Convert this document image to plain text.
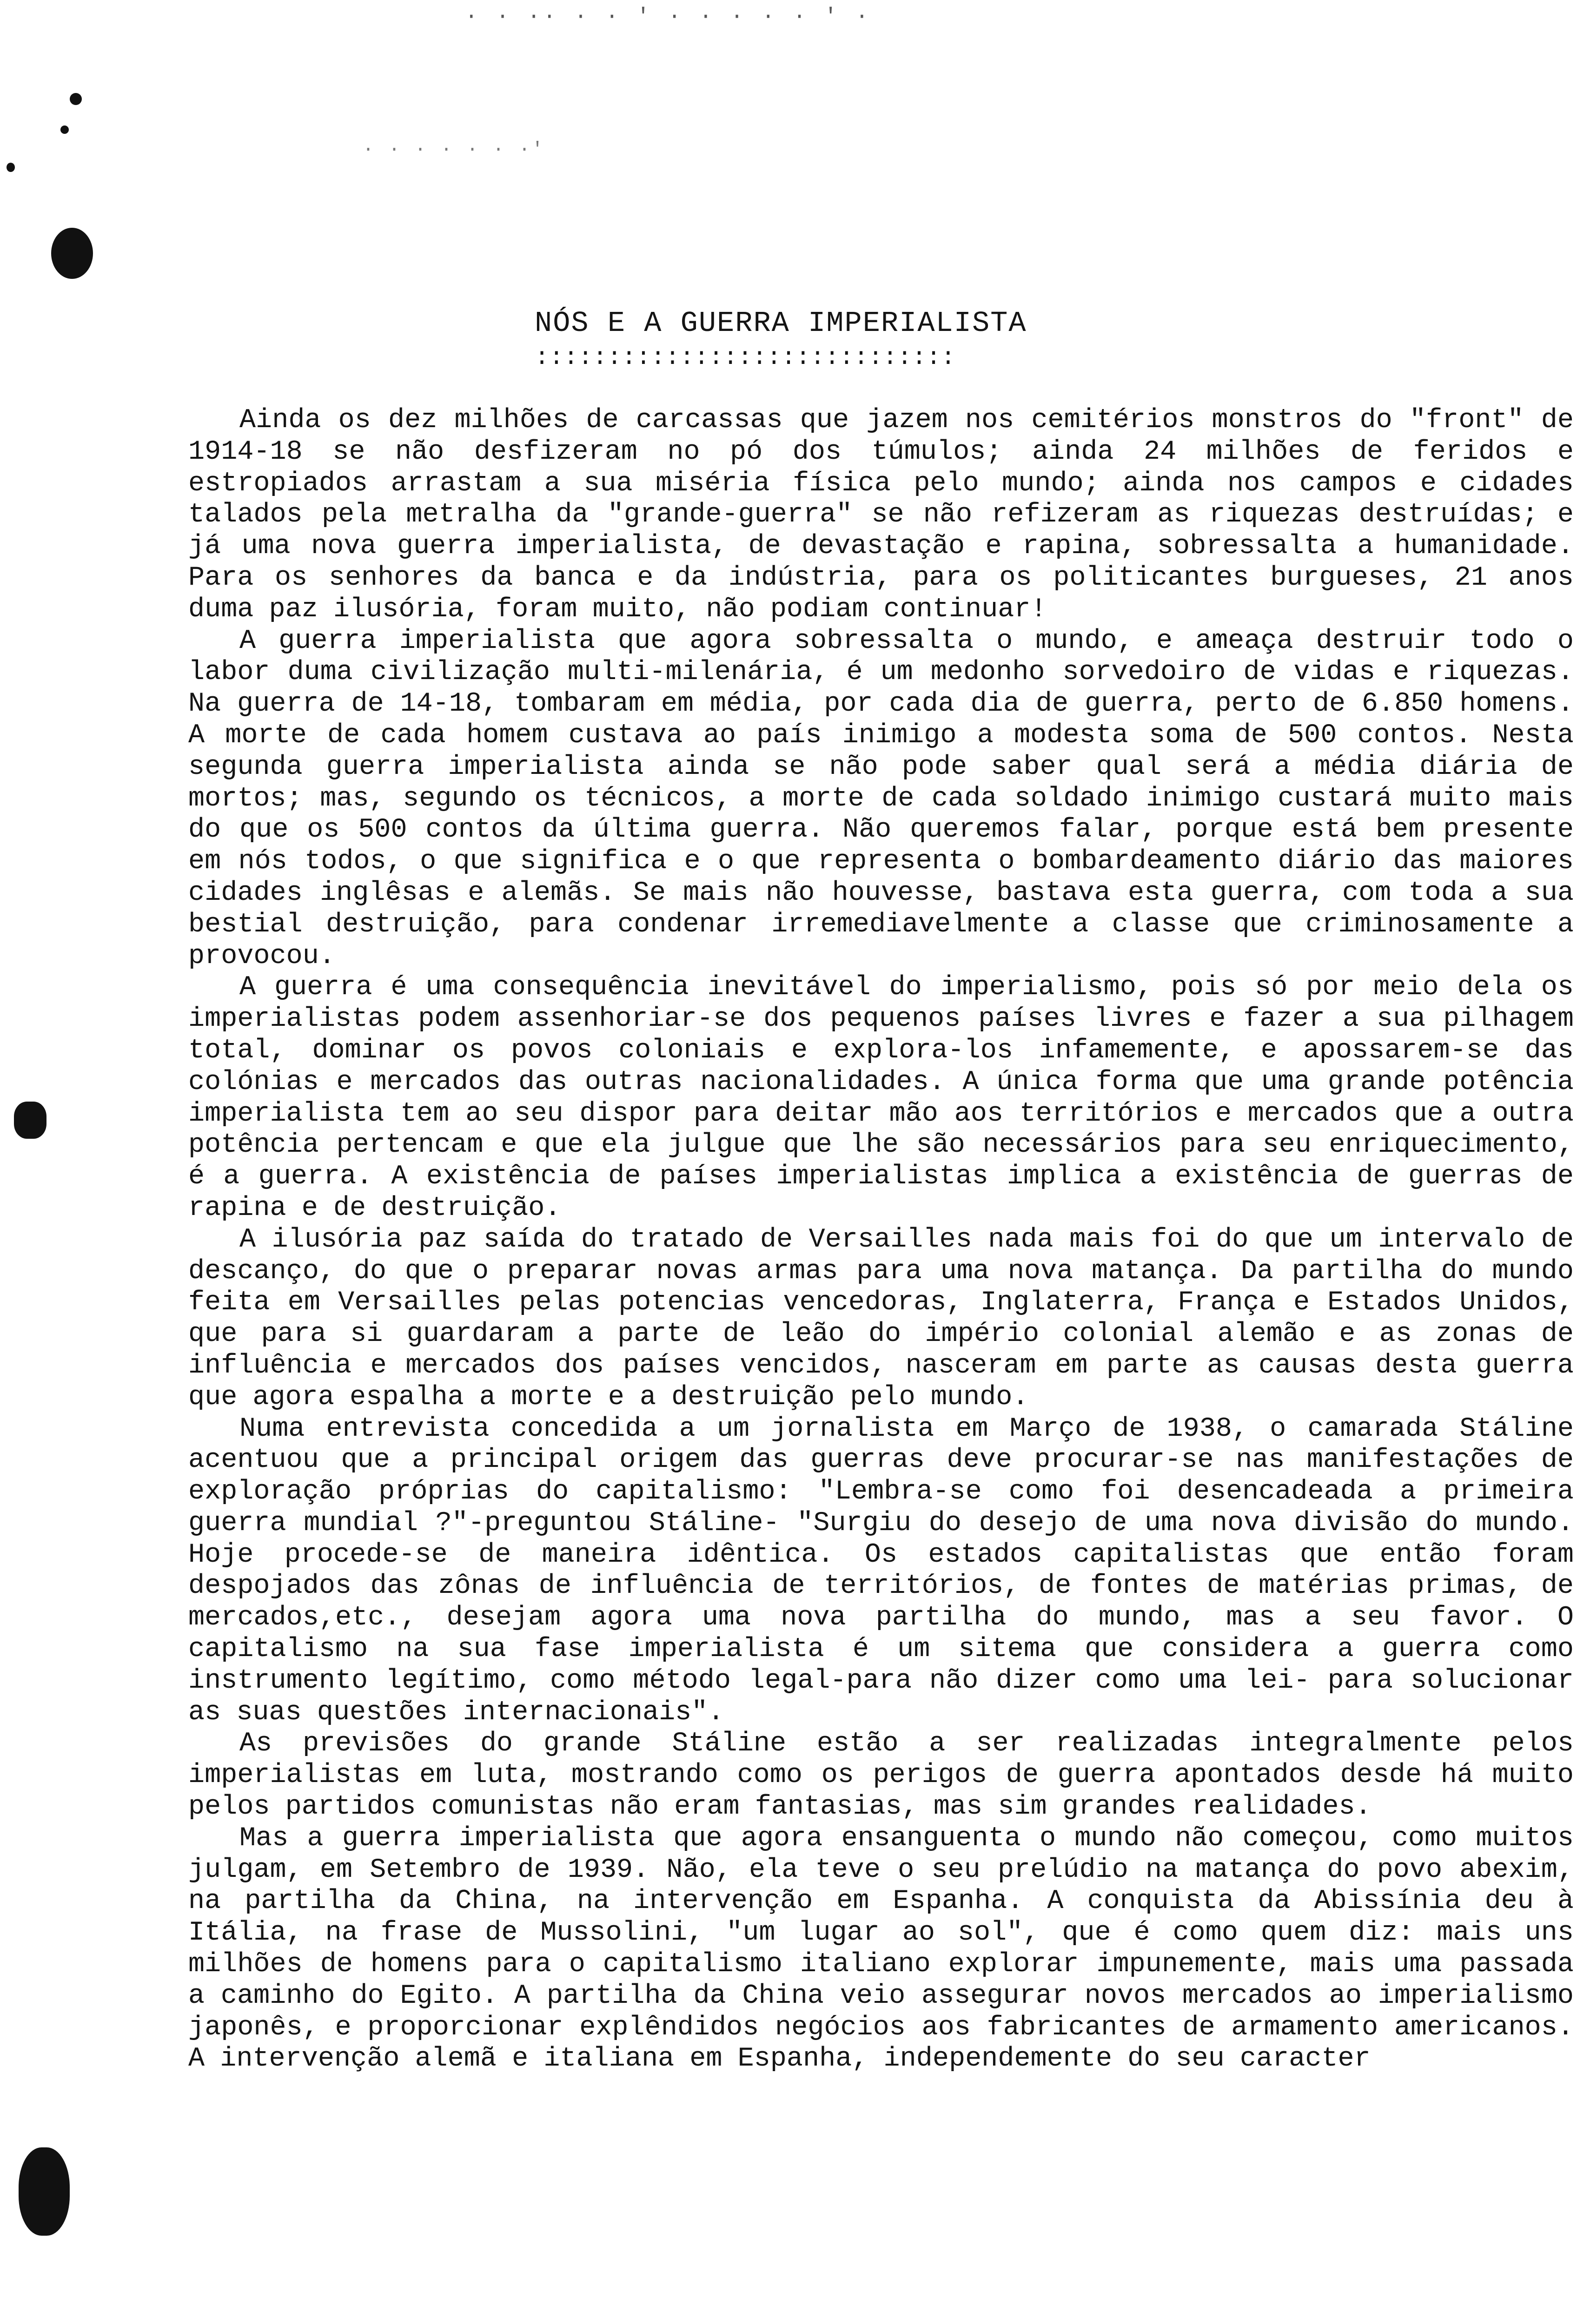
· · ·· · · ' · · · · · ' ·
· · · · · · ·'
NÓS E A GUERRA IMPERIALISTA
:::::::::::::::::::::::::::::

Ainda os dez milhões de carcassas que jazem nos cemitérios monstros do "front" de 1914-18 se não desfizeram no pó dos túmulos; ainda 24 milhões de feridos e estropiados arrastam a sua miséria física pelo mundo; ainda nos campos e cidades talados pela metralha da "grande-guerra" se não refizeram as riquezas destruídas; e já uma nova guerra imperialista, de devastação e rapina, sobressalta a humanidade. Para os senhores da banca e da indústria, para os politicantes burgueses, 21 anos duma paz ilusória, foram muito, não podiam continuar!

A guerra imperialista que agora sobressalta o mundo, e ameaça destruir todo o labor duma civilização multi-milenária, é um medonho sorvedoiro de vidas e riquezas. Na guerra de 14-18, tombaram em média, por cada dia de guerra, perto de 6.850 homens. A morte de cada homem custava ao país inimigo a modesta soma de 500 contos. Nesta segunda guerra imperialista ainda se não pode saber qual será a média diária de mortos; mas, segundo os técnicos, a morte de cada soldado inimigo custará muito mais do que os 500 contos da última guerra. Não queremos falar, porque está bem presente em nós todos, o que significa e o que representa o bombardeamento diário das maiores cidades inglêsas e alemãs. Se mais não houvesse, bastava esta guerra, com toda a sua bestial destruição, para condenar irremediavelmente a classe que criminosamente a provocou.

A guerra é uma consequência inevitável do imperialismo, pois só por meio dela os imperialistas podem assenhoriar-se dos pequenos países livres e fazer a sua pilhagem total, dominar os povos coloniais e explora-los infamemente, e apossarem-se das colónias e mercados das outras nacionalidades. A única forma que uma grande potência imperialista tem ao seu dispor para deitar mão aos territórios e mercados que a outra potência pertencam e que ela julgue que lhe são necessários para seu enriquecimento, é a guerra. A existência de países imperialistas implica a existência de guerras de rapina e de destruição.

A ilusória paz saída do tratado de Versailles nada mais foi do que um intervalo de descanço, do que o preparar novas armas para uma nova matança. Da partilha do mundo feita em Versailles pelas potencias vencedoras, Inglaterra, França e Estados Unidos, que para si guardaram a parte de leão do império colonial alemão e as zonas de influência e mercados dos países vencidos, nasceram em parte as causas desta guerra que agora espalha a morte e a destruição pelo mundo.

Numa entrevista concedida a um jornalista em Março de 1938, o camarada Stáline acentuou que a principal origem das guerras deve procurar-se nas manifestações de exploração próprias do capitalismo: "Lembra-se como foi desencadeada a primeira guerra mundial ?"-preguntou Stáline- "Surgiu do desejo de uma nova divisão do mundo. Hoje procede-se de maneira idêntica. Os estados capitalistas que então foram despojados das zônas de influência de territórios, de fontes de matérias primas, de mercados,etc., desejam agora uma nova partilha do mundo, mas a seu favor. O capitalismo na sua fase imperialista é um sitema que considera a guerra como instrumento legítimo, como método legal-para não dizer como uma lei- para solucionar as suas questões internacionais".

As previsões do grande Stáline estão a ser realizadas integralmente pelos imperialistas em luta, mostrando como os perigos de guerra apontados desde há muito pelos partidos comunistas não eram fantasias, mas sim grandes realidades.

Mas a guerra imperialista que agora ensanguenta o mundo não começou, como muitos julgam, em Setembro de 1939. Não, ela teve o seu prelúdio na matança do povo abexim, na partilha da China, na intervenção em Espanha. A conquista da Abissínia deu à Itália, na frase de Mussolini, "um lugar ao sol", que é como quem diz: mais uns milhões de homens para o capitalismo italiano explorar impunemente, mais uma passada a caminho do Egito. A partilha da China veio assegurar novos mercados ao imperialismo japonês, e proporcionar explêndidos negócios aos fabricantes de armamento americanos. A intervenção alemã e italiana em Espanha, independemente do seu caracter
